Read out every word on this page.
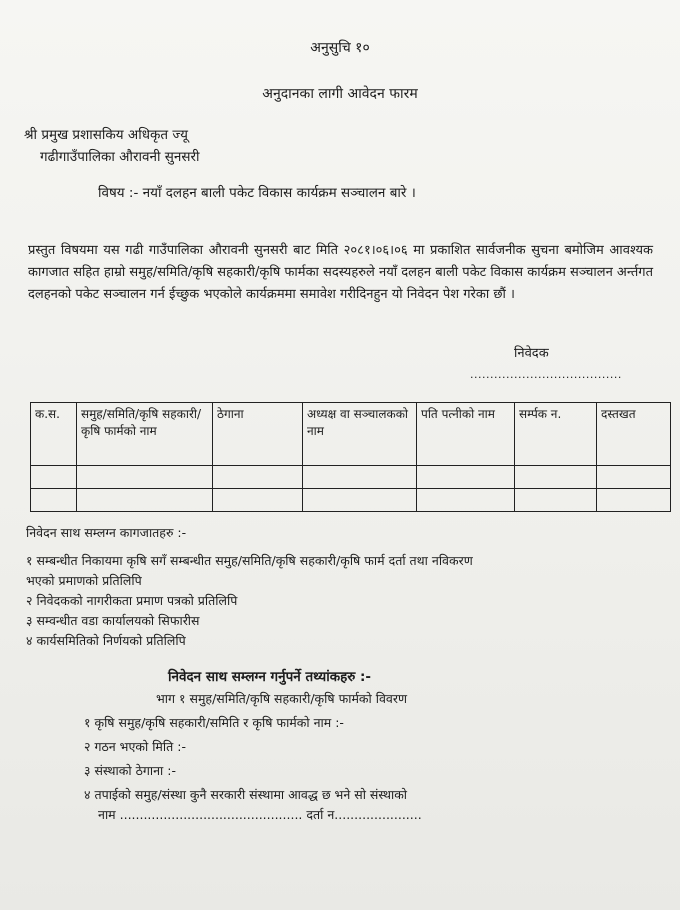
अनुसुचि १०
अनुदानका लागी आवेदन फारम
श्री प्रमुख प्रशासकिय अधिकृत ज्यू
गढीगाउँपालिका औरावनी सुनसरी
विषय :- नयाँ दलहन बाली पकेट विकास कार्यक्रम सञ्चालन बारे ।
प्रस्तुत विषयमा यस गढी गाउँपालिका औरावनी सुनसरी बाट मिति २०८१।०६।०६ मा प्रकाशित सार्वजनीक सुचना बमोजिम आवश्यक कागजात सहित हाम्रो समुह/समिति/कृषि सहकारी/कृषि फार्मका सदस्यहरुले नयाँ दलहन बाली पकेट विकास कार्यक्रम सञ्चालन अर्न्तगत दलहनको पकेट सञ्चालन गर्न ईच्छुक भएकोले कार्यक्रममा समावेश गरीदिनहुन यो निवेदन पेश गरेका छौं ।
निवेदक
......................................
क.स.	समुह/समिति/कृषि सहकारी/कृषि फार्मको नाम	ठेगाना	अध्यक्ष वा सञ्चालकको नाम	पति पत्नीको नाम	सर्म्पक न.	दस्तखत

निवेदन साथ सम्लग्न कागजातहरु :-
१ सम्बन्धीत निकायमा कृषि सगँ सम्बन्धीत समुह/समिति/कृषि सहकारी/कृषि फार्म दर्ता तथा नविकरण
भएको प्रमाणको प्रतिलिपि
२ निवेदकको नागरीकता प्रमाण पत्रको प्रतिलिपि
३ सम्वन्धीत वडा कार्यालयको सिफारीस
४ कार्यसमितिको निर्णयको प्रतिलिपि
निवेदन साथ सम्लग्न गर्नुपर्ने तथ्यांकहरु :-
भाग १ समुह/समिति/कृषि सहकारी/कृषि फार्मको विवरण
१ कृषि समुह/कृषि सहकारी/समिति र कृषि फार्मको नाम :-
२ गठन भएको मिति :-
३ संस्थाको ठेगाना :-
४ तपाईको समुह/संस्था कुनै सरकारी संस्थामा आवद्ध छ भने सो संस्थाको
नाम .............................................. दर्ता न......................
